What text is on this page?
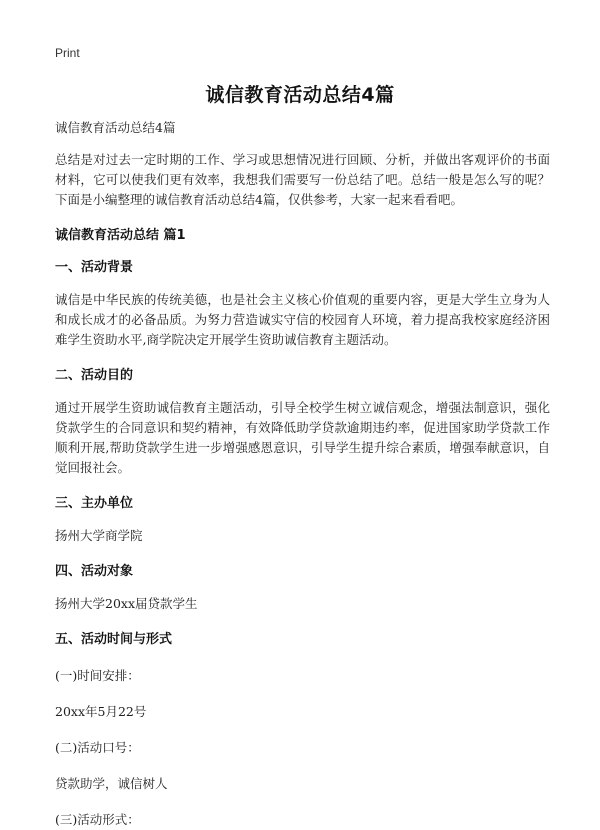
Print
诚信教育活动总结4篇

诚信教育活动总结4篇

总结是对过去一定时期的工作、学习或思想情况进行回顾、分析，并做出客观评价的书面材料，它可以使我们更有效率，我想我们需要写一份总结了吧。总结一般是怎么写的呢？下面是小编整理的诚信教育活动总结4篇，仅供参考，大家一起来看看吧。

诚信教育活动总结 篇1

一、活动背景

诚信是中华民族的传统美德，也是社会主义核心价值观的重要内容，更是大学生立身为人和成长成才的必备品质。为努力营造诚实守信的校园育人环境，着力提高我校家庭经济困难学生资助水平,商学院决定开展学生资助诚信教育主题活动。

二、活动目的

通过开展学生资助诚信教育主题活动，引导全校学生树立诚信观念，增强法制意识，强化贷款学生的合同意识和契约精神，有效降低助学贷款逾期违约率，促进国家助学贷款工作顺利开展,帮助贷款学生进一步增强感恩意识，引导学生提升综合素质，增强奉献意识，自觉回报社会。

三、主办单位

扬州大学商学院

四、活动对象

扬州大学20xx届贷款学生

五、活动时间与形式

(一)时间安排：

20xx年5月22号

(二)活动口号：

贷款助学，诚信树人

(三)活动形式：
